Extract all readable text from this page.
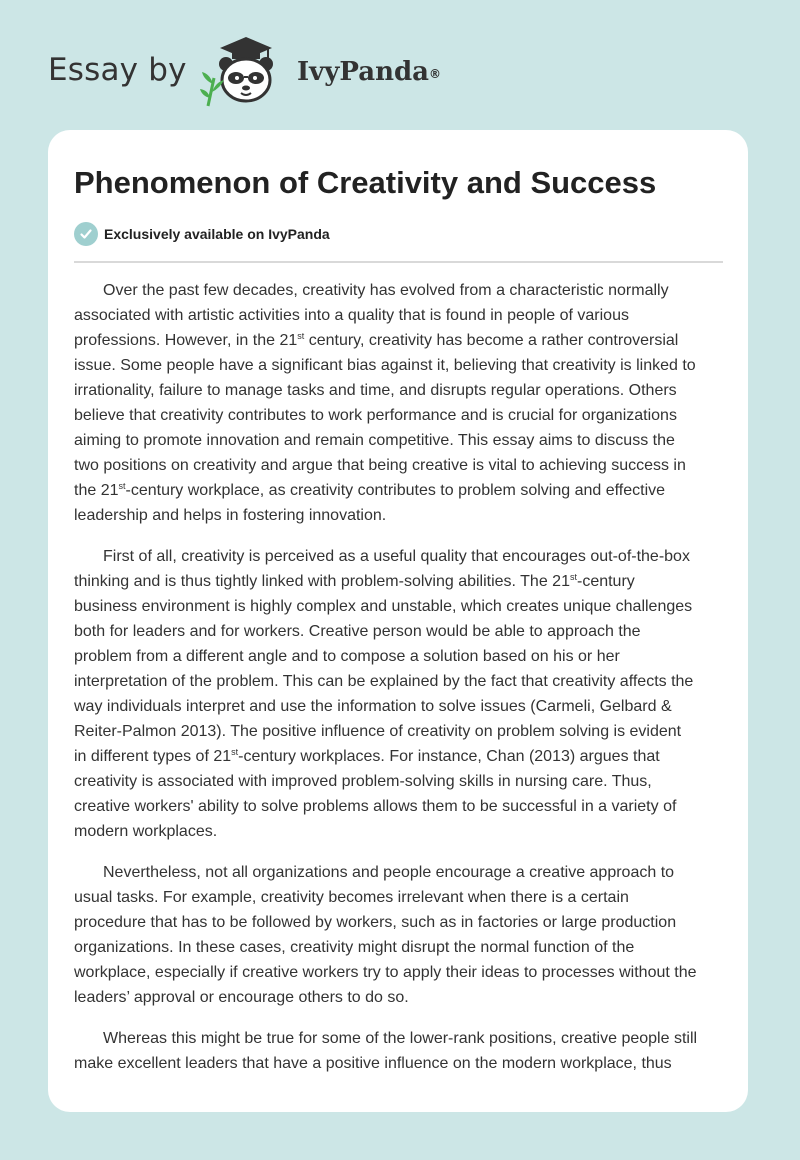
Essay by	IvyPanda®
Phenomenon of Creativity and Success
Exclusively available on IvyPanda

Over the past few decades, creativity has evolved from a characteristic normally
associated with artistic activities into a quality that is found in people of various
professions. However, in the 21st century, creativity has become a rather controversial
issue. Some people have a significant bias against it, believing that creativity is linked to
irrationality, failure to manage tasks and time, and disrupts regular operations. Others
believe that creativity contributes to work performance and is crucial for organizations
aiming to promote innovation and remain competitive. This essay aims to discuss the
two positions on creativity and argue that being creative is vital to achieving success in
the 21st-century workplace, as creativity contributes to problem solving and effective
leadership and helps in fostering innovation.

First of all, creativity is perceived as a useful quality that encourages out-of-the-box
thinking and is thus tightly linked with problem-solving abilities. The 21st-century
business environment is highly complex and unstable, which creates unique challenges
both for leaders and for workers. Creative person would be able to approach the
problem from a different angle and to compose a solution based on his or her
interpretation of the problem. This can be explained by the fact that creativity affects the
way individuals interpret and use the information to solve issues (Carmeli, Gelbard &
Reiter-Palmon 2013). The positive influence of creativity on problem solving is evident
in different types of 21st-century workplaces. For instance, Chan (2013) argues that
creativity is associated with improved problem-solving skills in nursing care. Thus,
creative workers' ability to solve problems allows them to be successful in a variety of
modern workplaces.

Nevertheless, not all organizations and people encourage a creative approach to
usual tasks. For example, creativity becomes irrelevant when there is a certain
procedure that has to be followed by workers, such as in factories or large production
organizations. In these cases, creativity might disrupt the normal function of the
workplace, especially if creative workers try to apply their ideas to processes without the
leaders’ approval or encourage others to do so.

Whereas this might be true for some of the lower-rank positions, creative people still
make excellent leaders that have a positive influence on the modern workplace, thus
